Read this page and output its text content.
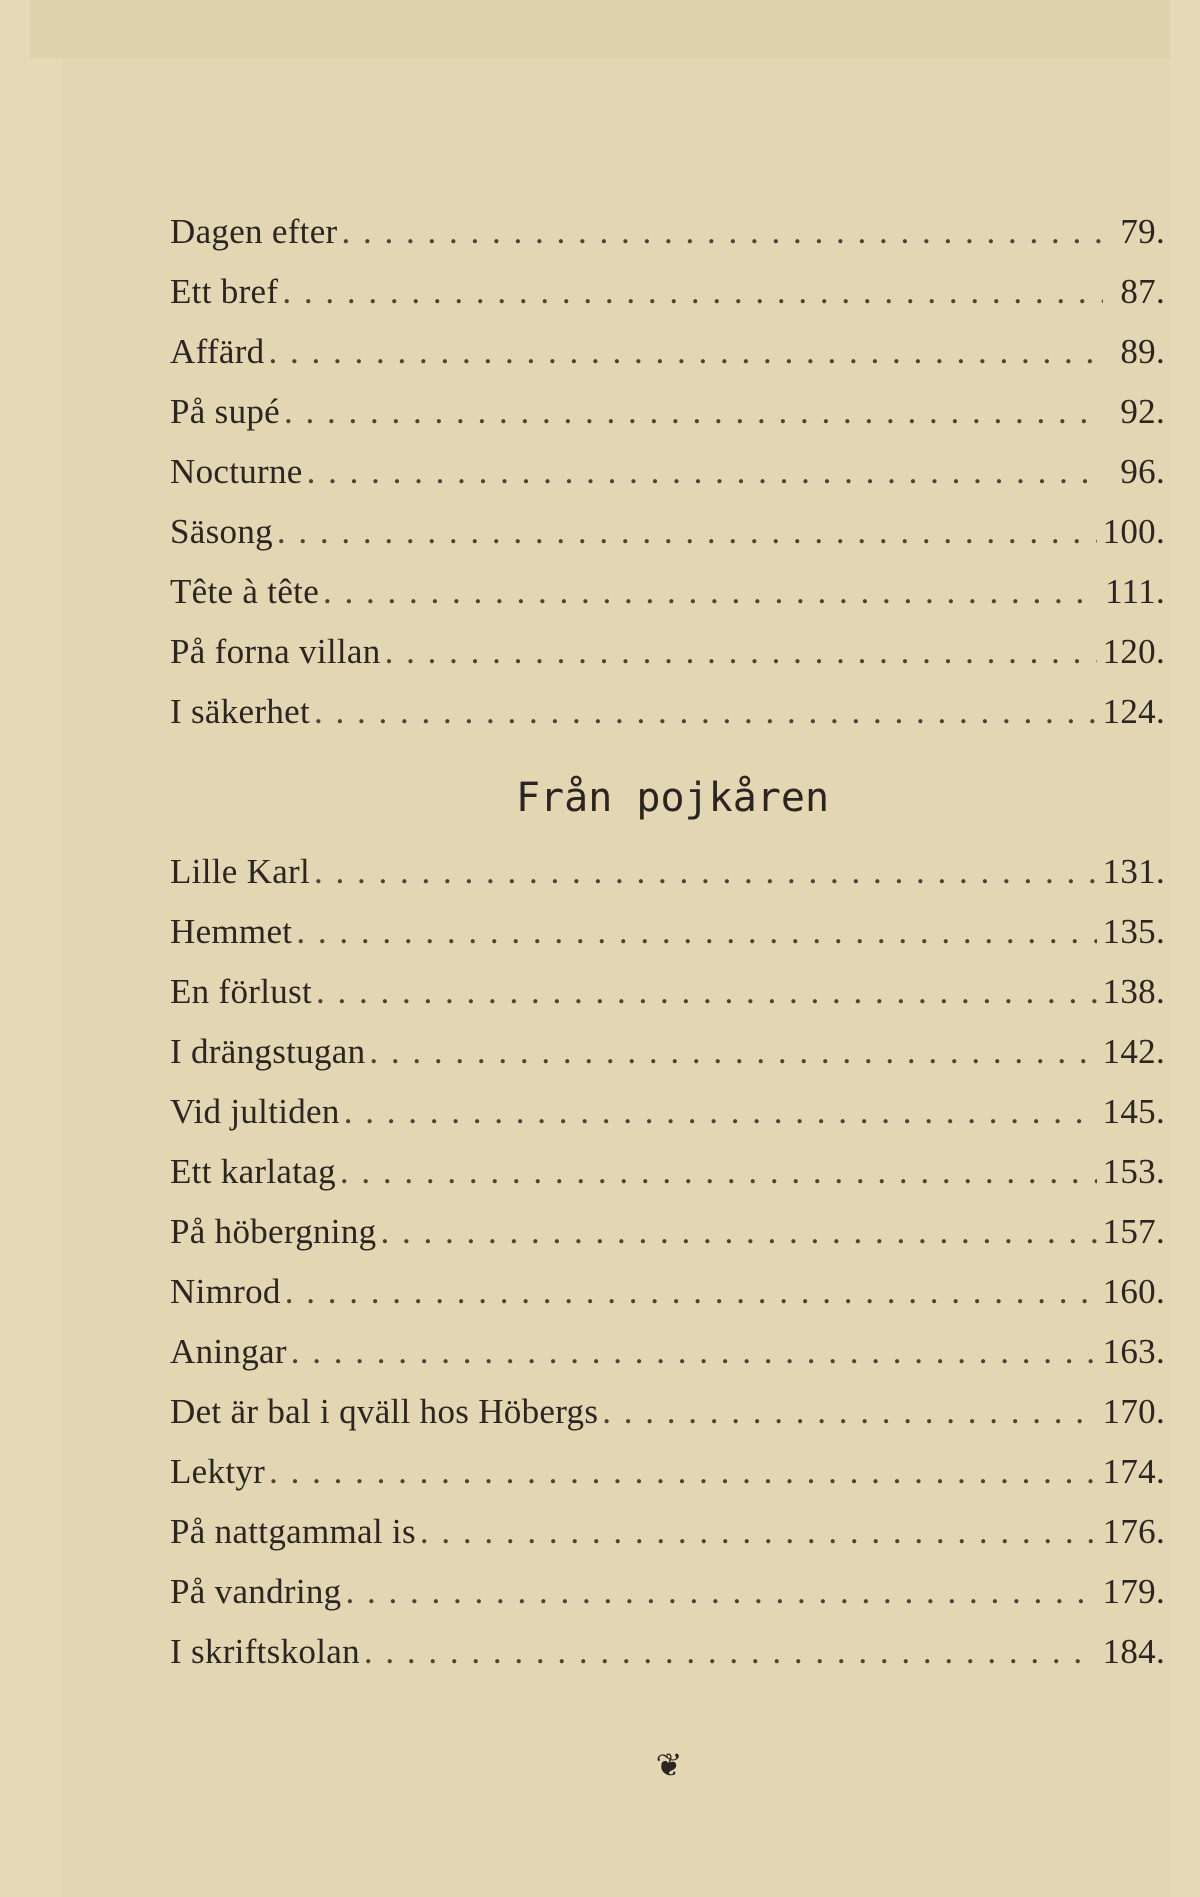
Dagen efter . . .	79.
Ett bref . . .	87.
Affärd . . .	89.
På supé . . .	92.
Nocturne . . .	96.
Säsong . . .	100.
Tête à tête . . .	111.
På forna villan . . .	120.
I säkerhet . . .	124.
Från pojkåren
Lille Karl . . .	131.
Hemmet . . .	135.
En förlust . . .	138.
I drängstugan . . .	142.
Vid jultiden . . .	145.
Ett karlatag . . .	153.
På höbergning . . .	157.
Nimrod . . .	160.
Aningar . . .	163.
Det är bal i qväll hos Höbergs . . .	170.
Lektyr . . .	174.
På nattgammal is . . .	176.
På vandring . . .	179.
I skriftskolan . . .	184.
❦
